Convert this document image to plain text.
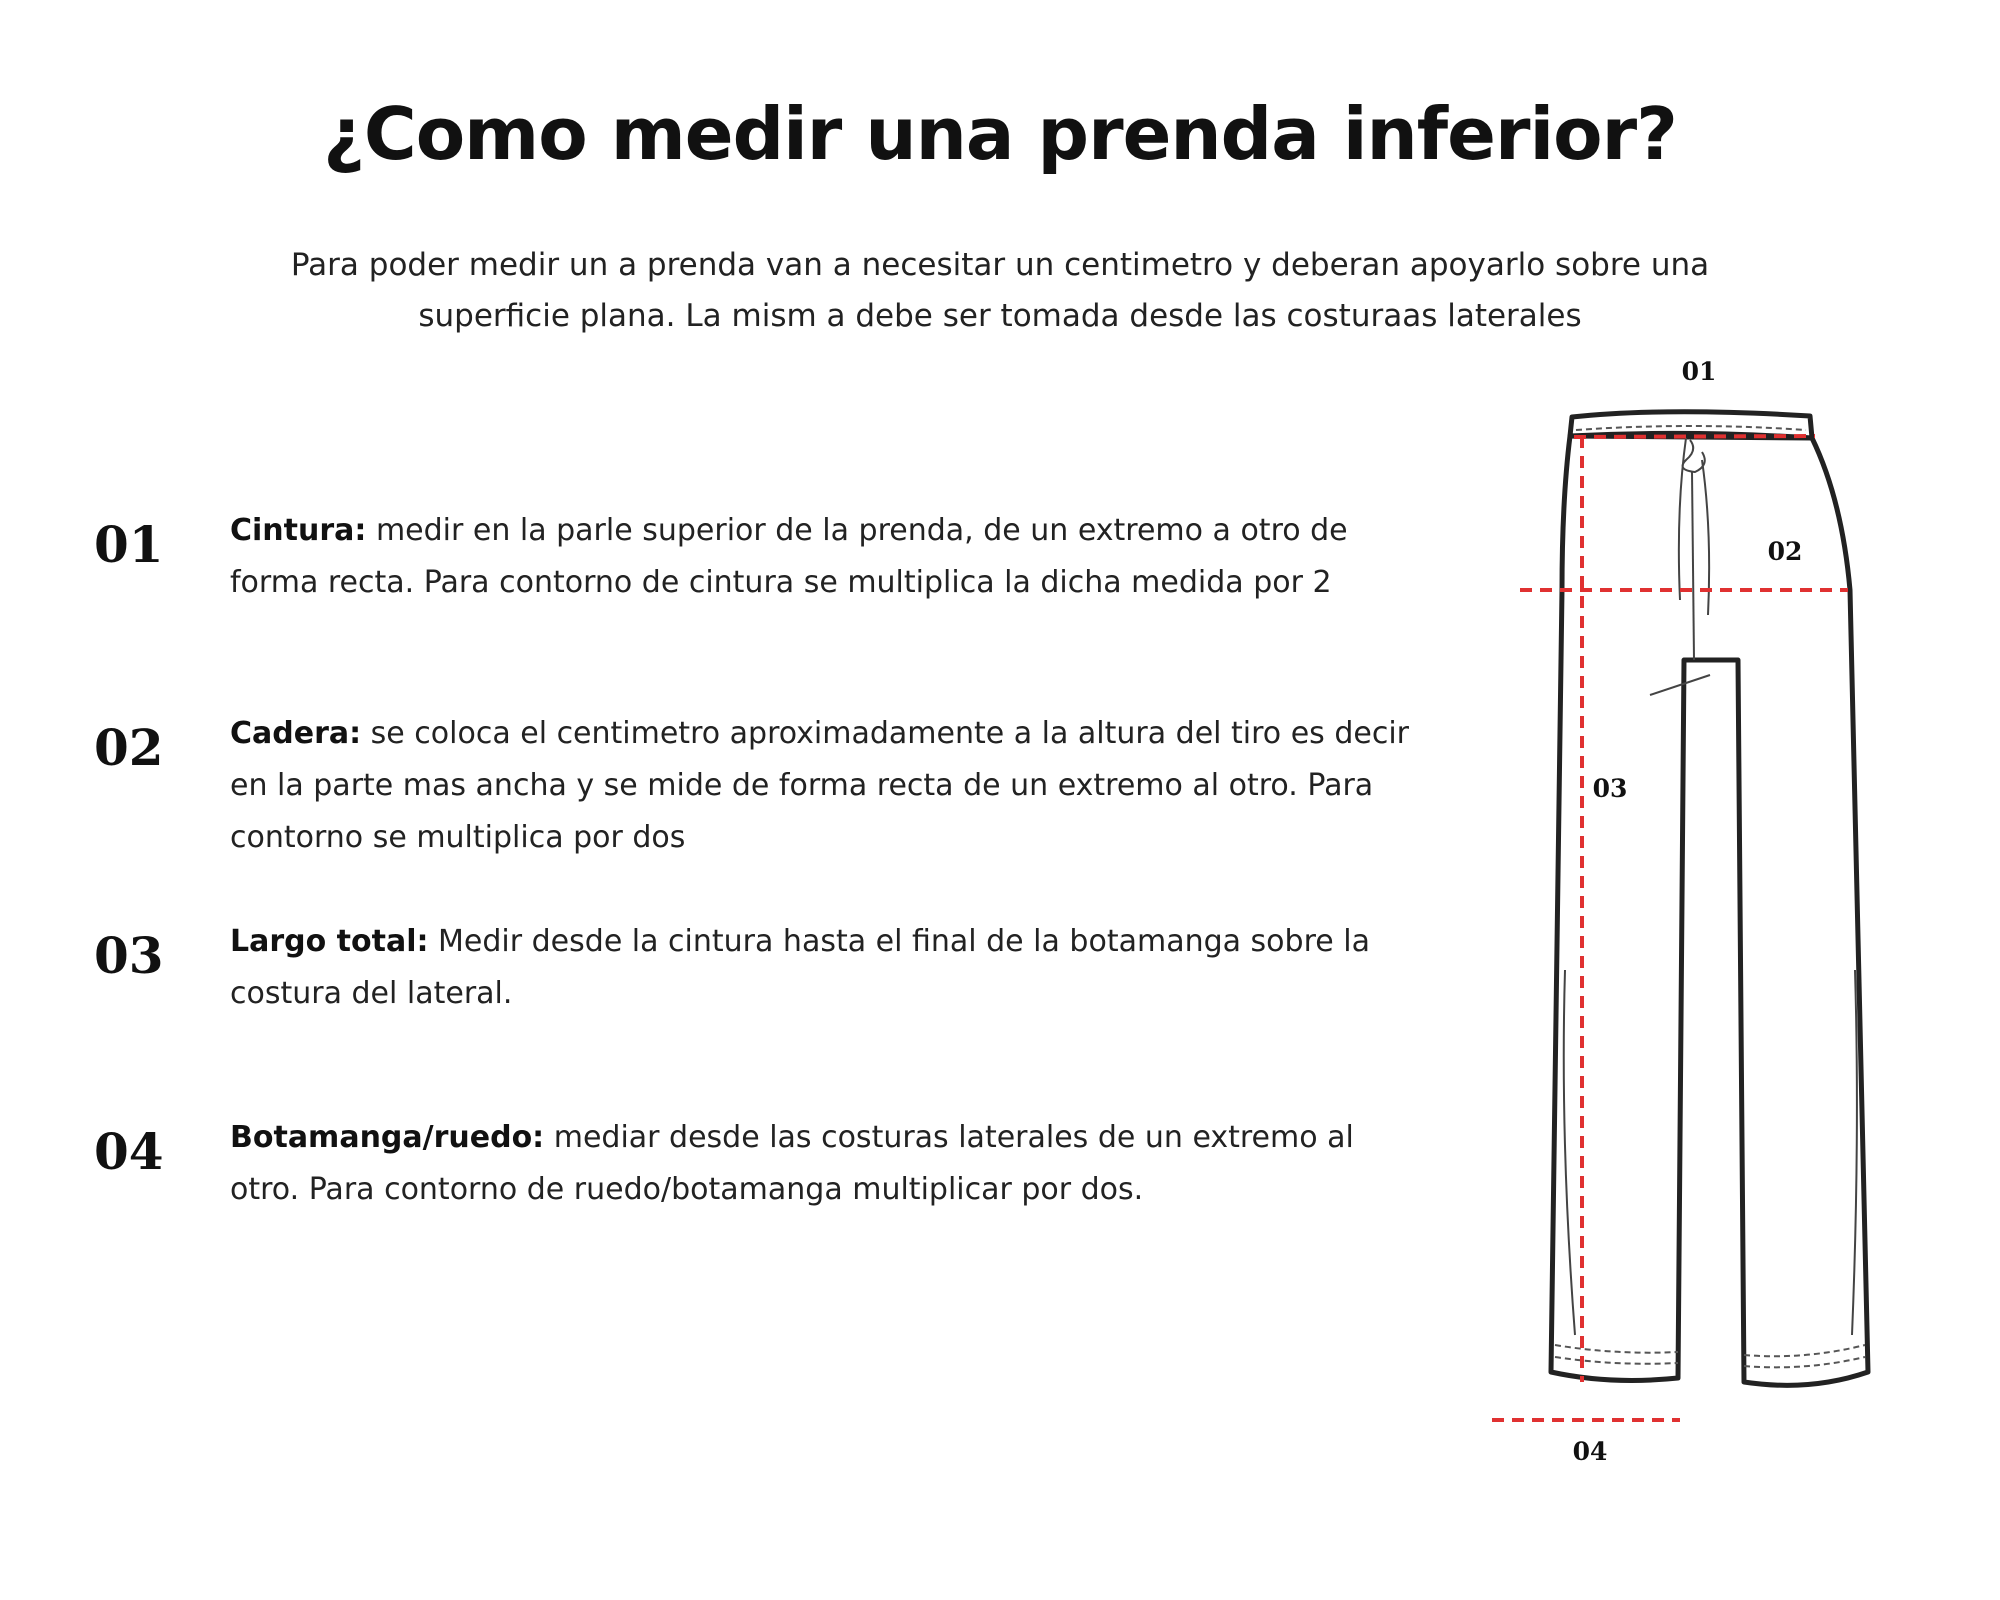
¿Como medir una prenda inferior?
Para poder medir un a prenda van a necesitar un centimetro y deberan apoyarlo sobre una
superficie plana. La mism a debe ser tomada desde las costuraas laterales
01 Cintura: medir en la parle superior de la prenda, de un extremo a otro de forma recta. Para contorno de cintura se multiplica la dicha medida por 2
02 Cadera: se coloca el centimetro aproximadamente a la altura del tiro es decir en la parte mas ancha y se mide de forma recta de un extremo al otro. Para contorno se multiplica por dos
03 Largo total: Medir desde la cintura hasta el final de la botamanga sobre la costura del lateral.
04 Botamanga/ruedo: mediar desde las costuras laterales de un extremo al otro. Para contorno de ruedo/botamanga multiplicar por dos.
01
02
03
04
